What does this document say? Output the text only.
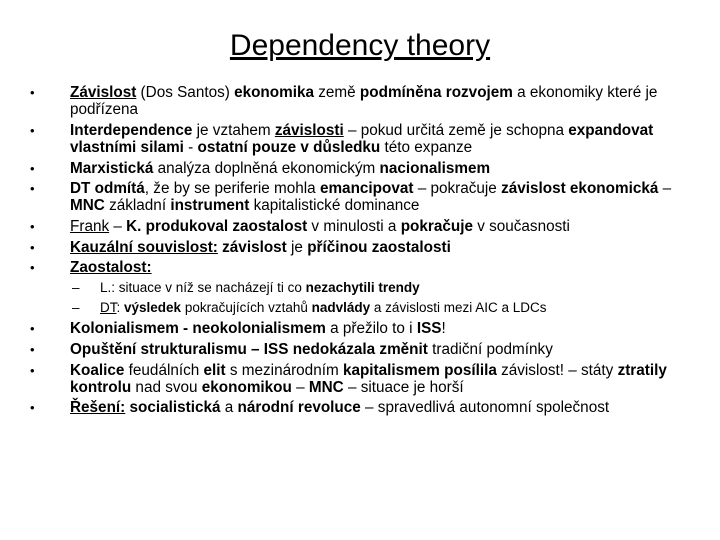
Dependency theory
•	Závislost (Dos Santos) ekonomika země podmíněna rozvojem a ekonomiky které je podřízena
•	Interdependence je vztahem závislosti – pokud určitá země je schopna expandovat vlastními silami - ostatní pouze v důsledku této expanze
•	Marxistická analýza doplněná ekonomickým nacionalismem
•	DT odmítá, že by se periferie mohla emancipovat – pokračuje závislost ekonomická – MNC základní instrument kapitalistické dominance
•	Frank – K. produkoval zaostalost v minulosti a pokračuje v současnosti
•	Kauzální souvislost: závislost je příčinou zaostalosti
•	Zaostalost:
– L.: situace v níž se nacházejí ti co nezachytili trendy
– DT: výsledek pokračujících vztahů nadvlády a závislosti mezi AIC a LDCs
•	Kolonialismem - neokolonialismem a přežilo to i ISS!
•	Opuštění strukturalismu – ISS nedokázala změnit tradiční podmínky
•	Koalice feudálních elit s mezinárodním kapitalismem posílila závislost! – státy ztratily kontrolu nad svou ekonomikou – MNC – situace je horší
•	Řešení: socialistická a národní revoluce – spravedlivá autonomní společnost
